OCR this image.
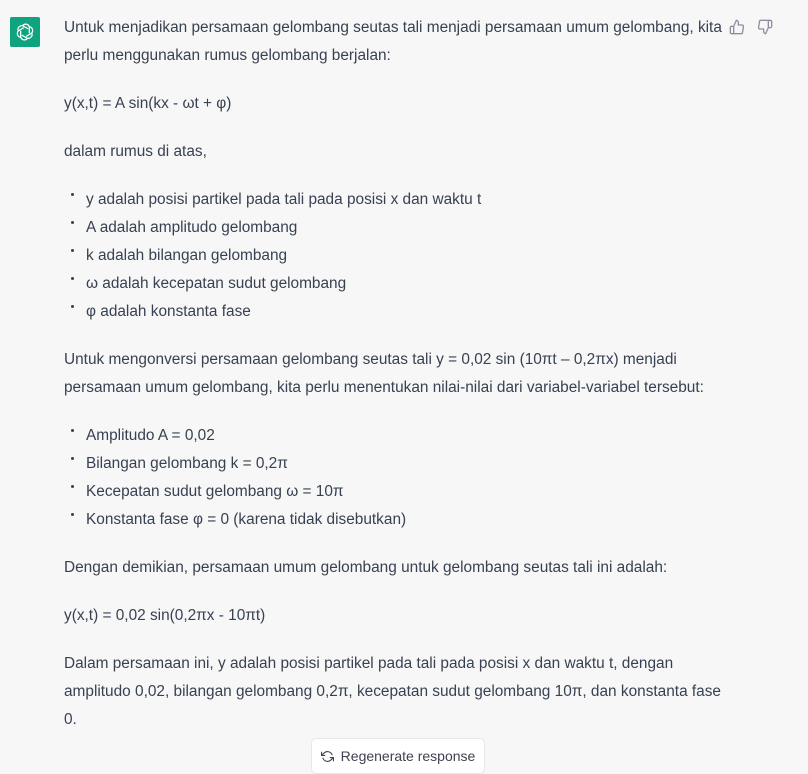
Untuk menjadikan persamaan gelombang seutas tali menjadi persamaan umum gelombang, kita perlu menggunakan rumus gelombang berjalan:

y(x,t) = A sin(kx - ωt + φ)

dalam rumus di atas,

y adalah posisi partikel pada tali pada posisi x dan waktu t
A adalah amplitudo gelombang
k adalah bilangan gelombang
ω adalah kecepatan sudut gelombang
φ adalah konstanta fase

Untuk mengonversi persamaan gelombang seutas tali y = 0,02 sin (10πt – 0,2πx) menjadi persamaan umum gelombang, kita perlu menentukan nilai-nilai dari variabel-variabel tersebut:

Amplitudo A = 0,02
Bilangan gelombang k = 0,2π
Kecepatan sudut gelombang ω = 10π
Konstanta fase φ = 0 (karena tidak disebutkan)

Dengan demikian, persamaan umum gelombang untuk gelombang seutas tali ini adalah:

y(x,t) = 0,02 sin(0,2πx - 10πt)

Dalam persamaan ini, y adalah posisi partikel pada tali pada posisi x dan waktu t, dengan amplitudo 0,02, bilangan gelombang 0,2π, kecepatan sudut gelombang 10π, dan konstanta fase 0.

Regenerate response
